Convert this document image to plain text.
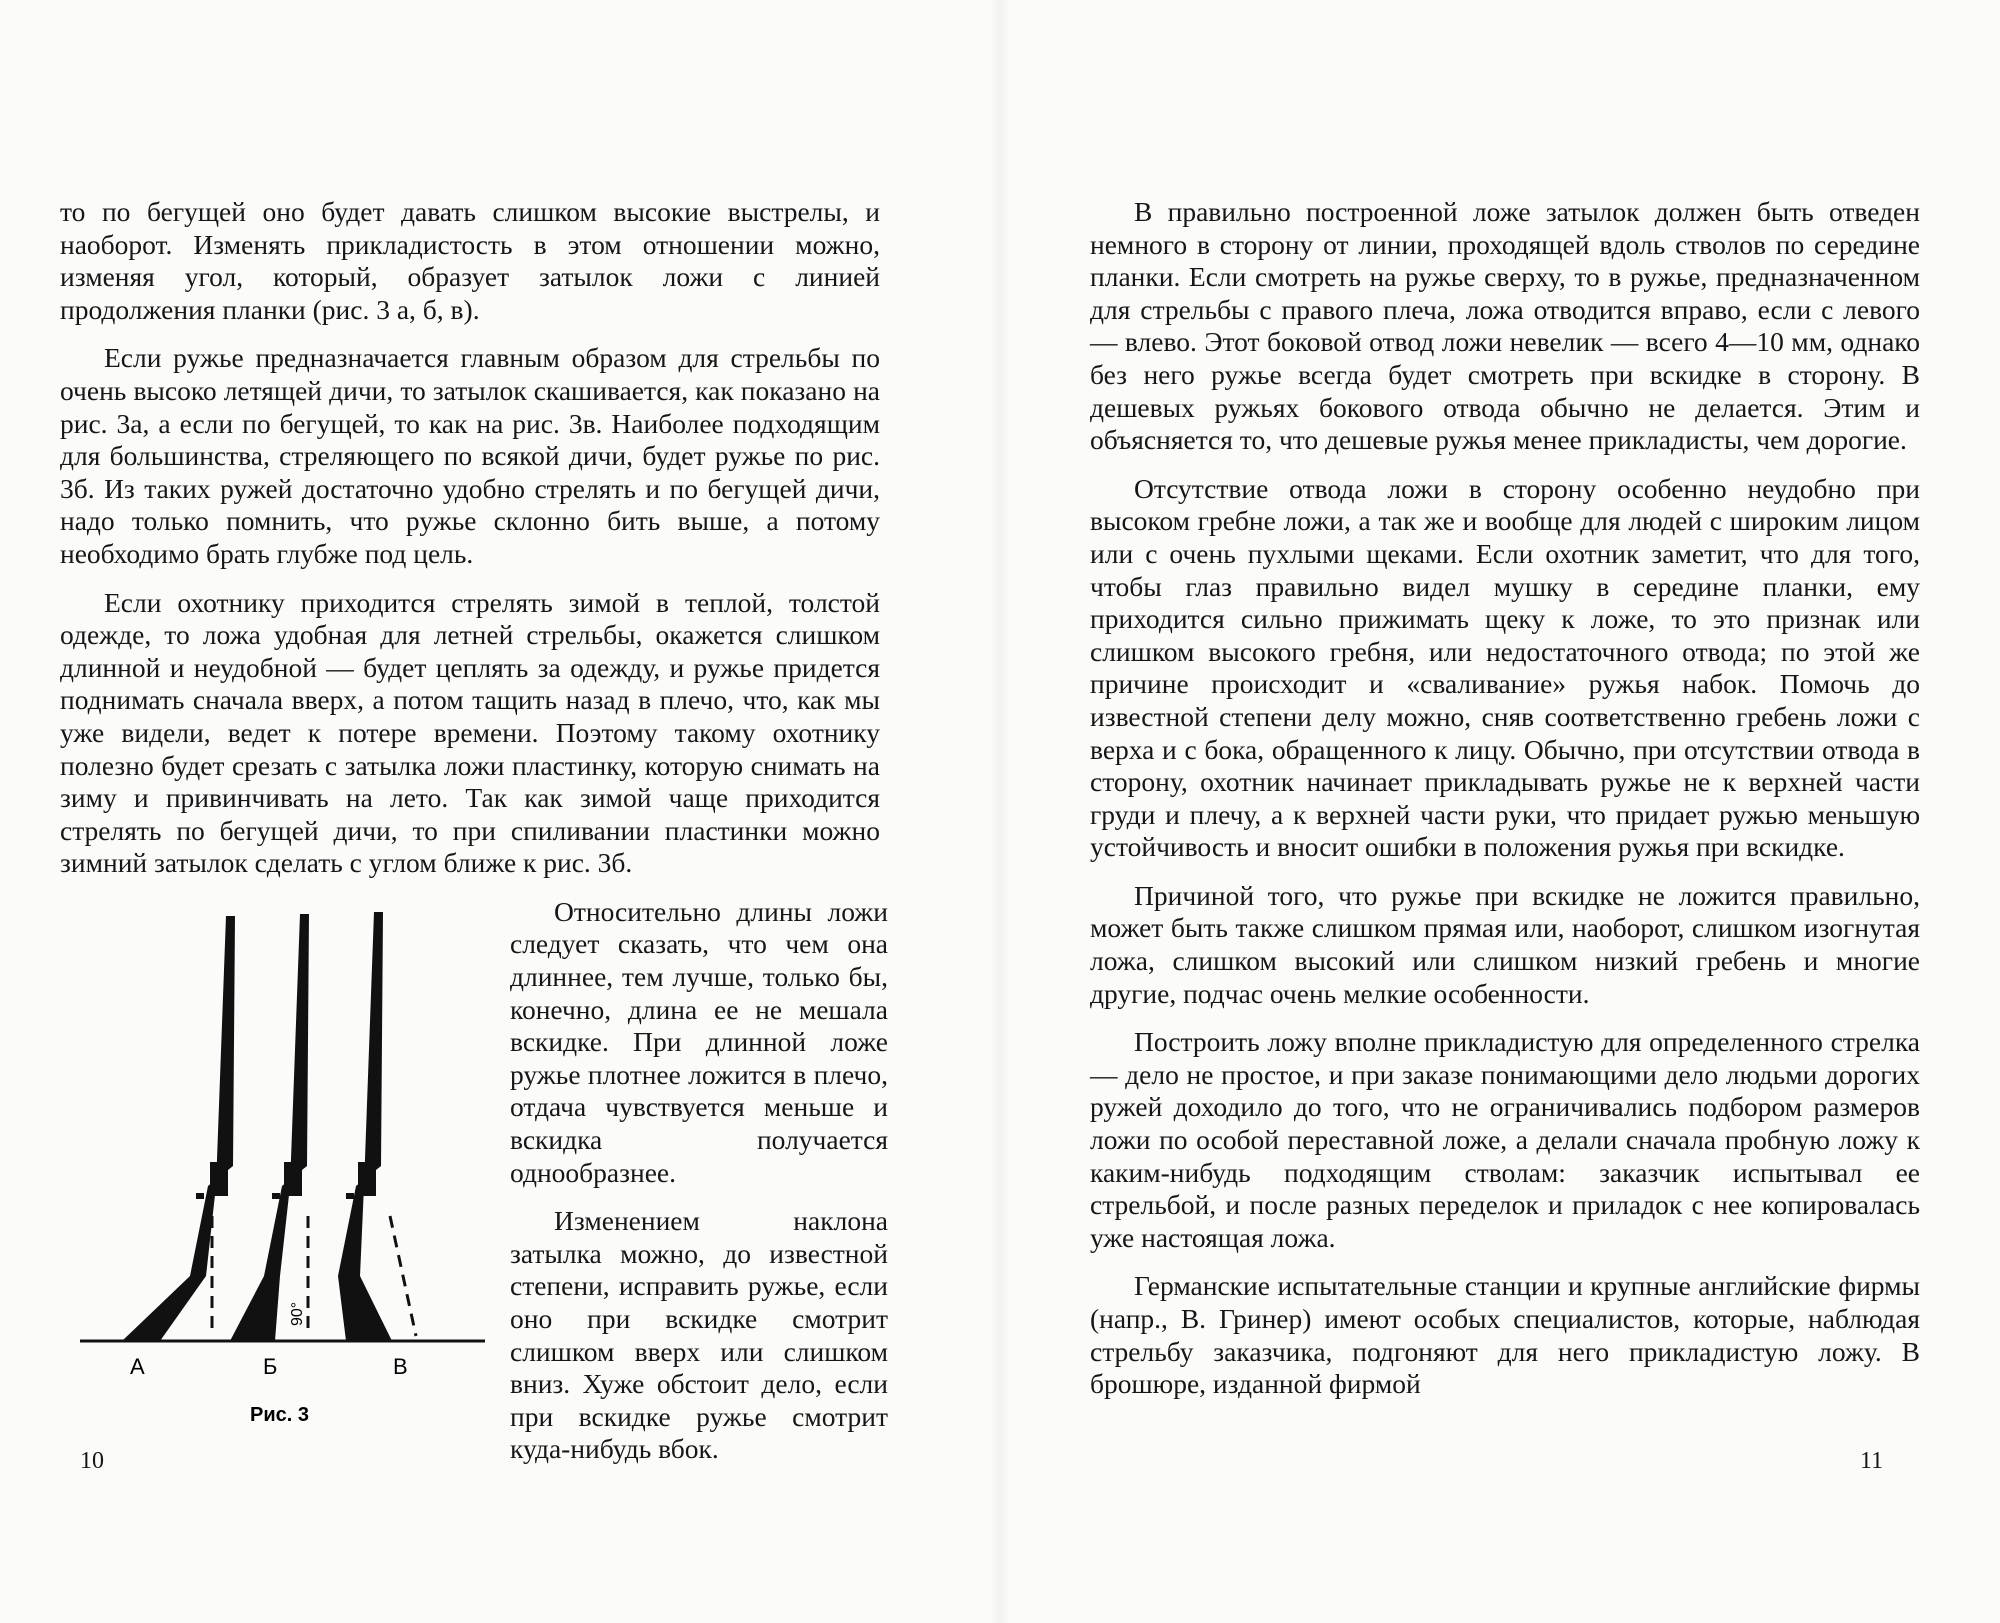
то по бегущей оно будет давать слишком высокие выстрелы, и наоборот. Изменять прикладистость в этом отношении можно, изменяя угол, который, образует затылок ложи с линией продолжения планки (рис. 3 а, б, в).

Если ружье предназначается главным образом для стрельбы по очень высоко летящей дичи, то затылок скашивается, как показано на рис. 3а, а если по бегущей, то как на рис. 3в. Наиболее подходящим для большинства, стреляющего по всякой дичи, будет ружье по рис. 3б. Из таких ружей достаточно удобно стрелять и по бегущей дичи, надо только помнить, что ружье склонно бить выше, а потому необходимо брать глубже под цель.

Если охотнику приходится стрелять зимой в теплой, толстой одежде, то ложа удобная для летней стрельбы, окажется слишком длинной и неудобной — будет цеплять за одежду, и ружье придется поднимать сначала вверх, а потом тащить назад в плечо, что, как мы уже видели, ведет к потере времени. Поэтому такому охотнику полезно будет срезать с затылка ложи пластинку, которую снимать на зиму и привинчивать на лето. Так как зимой чаще приходится стрелять по бегущей дичи, то при спиливании пластинки можно зимний затылок сделать с углом ближе к рис. 3б.

90°
А	Б	В
Рис. 3

Относительно длины ложи следует сказать, что чем она длиннее, тем лучше, только бы, конечно, длина ее не мешала вскидке. При длинной ложе ружье плотнее ложится в плечо, отдача чувствуется меньше и вскидка получается однообразнее.

Изменением наклона затылка можно, до известной степени, исправить ружье, если оно при вскидке смотрит слишком вверх или слишком вниз. Хуже обстоит дело, если при вскидке ружье смотрит куда-нибудь вбок.

10

В правильно построенной ложе затылок должен быть отведен немного в сторону от линии, проходящей вдоль стволов по середине планки. Если смотреть на ружье сверху, то в ружье, предназначенном для стрельбы с правого плеча, ложа отводится вправо, если с левого — влево. Этот боковой отвод ложи невелик — всего 4—10 мм, однако без него ружье всегда будет смотреть при вскидке в сторону. В дешевых ружьях бокового отвода обычно не делается. Этим и объясняется то, что дешевые ружья менее прикладисты, чем дорогие.

Отсутствие отвода ложи в сторону особенно неудобно при высоком гребне ложи, а так же и вообще для людей с широким лицом или с очень пухлыми щеками. Если охотник заметит, что для того, чтобы глаз правильно видел мушку в середине планки, ему приходится сильно прижимать щеку к ложе, то это признак или слишком высокого гребня, или недостаточного отвода; по этой же причине происходит и «сваливание» ружья набок. Помочь до известной степени делу можно, сняв соответственно гребень ложи с верха и с бока, обращенного к лицу. Обычно, при отсутствии отвода в сторону, охотник начинает прикладывать ружье не к верхней части груди и плечу, а к верхней части руки, что придает ружью меньшую устойчивость и вносит ошибки в положения ружья при вскидке.

Причиной того, что ружье при вскидке не ложится правильно, может быть также слишком прямая или, наоборот, слишком изогнутая ложа, слишком высокий или слишком низкий гребень и многие другие, подчас очень мелкие особенности.

Построить ложу вполне прикладистую для определенного стрелка — дело не простое, и при заказе понимающими дело людьми дорогих ружей доходило до того, что не ограничивались подбором размеров ложи по особой переставной ложе, а делали сначала пробную ложу к каким-нибудь подходящим стволам: заказчик испытывал ее стрельбой, и после разных переделок и приладок с нее копировалась уже настоящая ложа.

Германские испытательные станции и крупные английские фирмы (напр., В. Гринер) имеют особых специалистов, которые, наблюдая стрельбу заказчика, подгоняют для него прикладистую ложу. В брошюре, изданной фирмой

11
